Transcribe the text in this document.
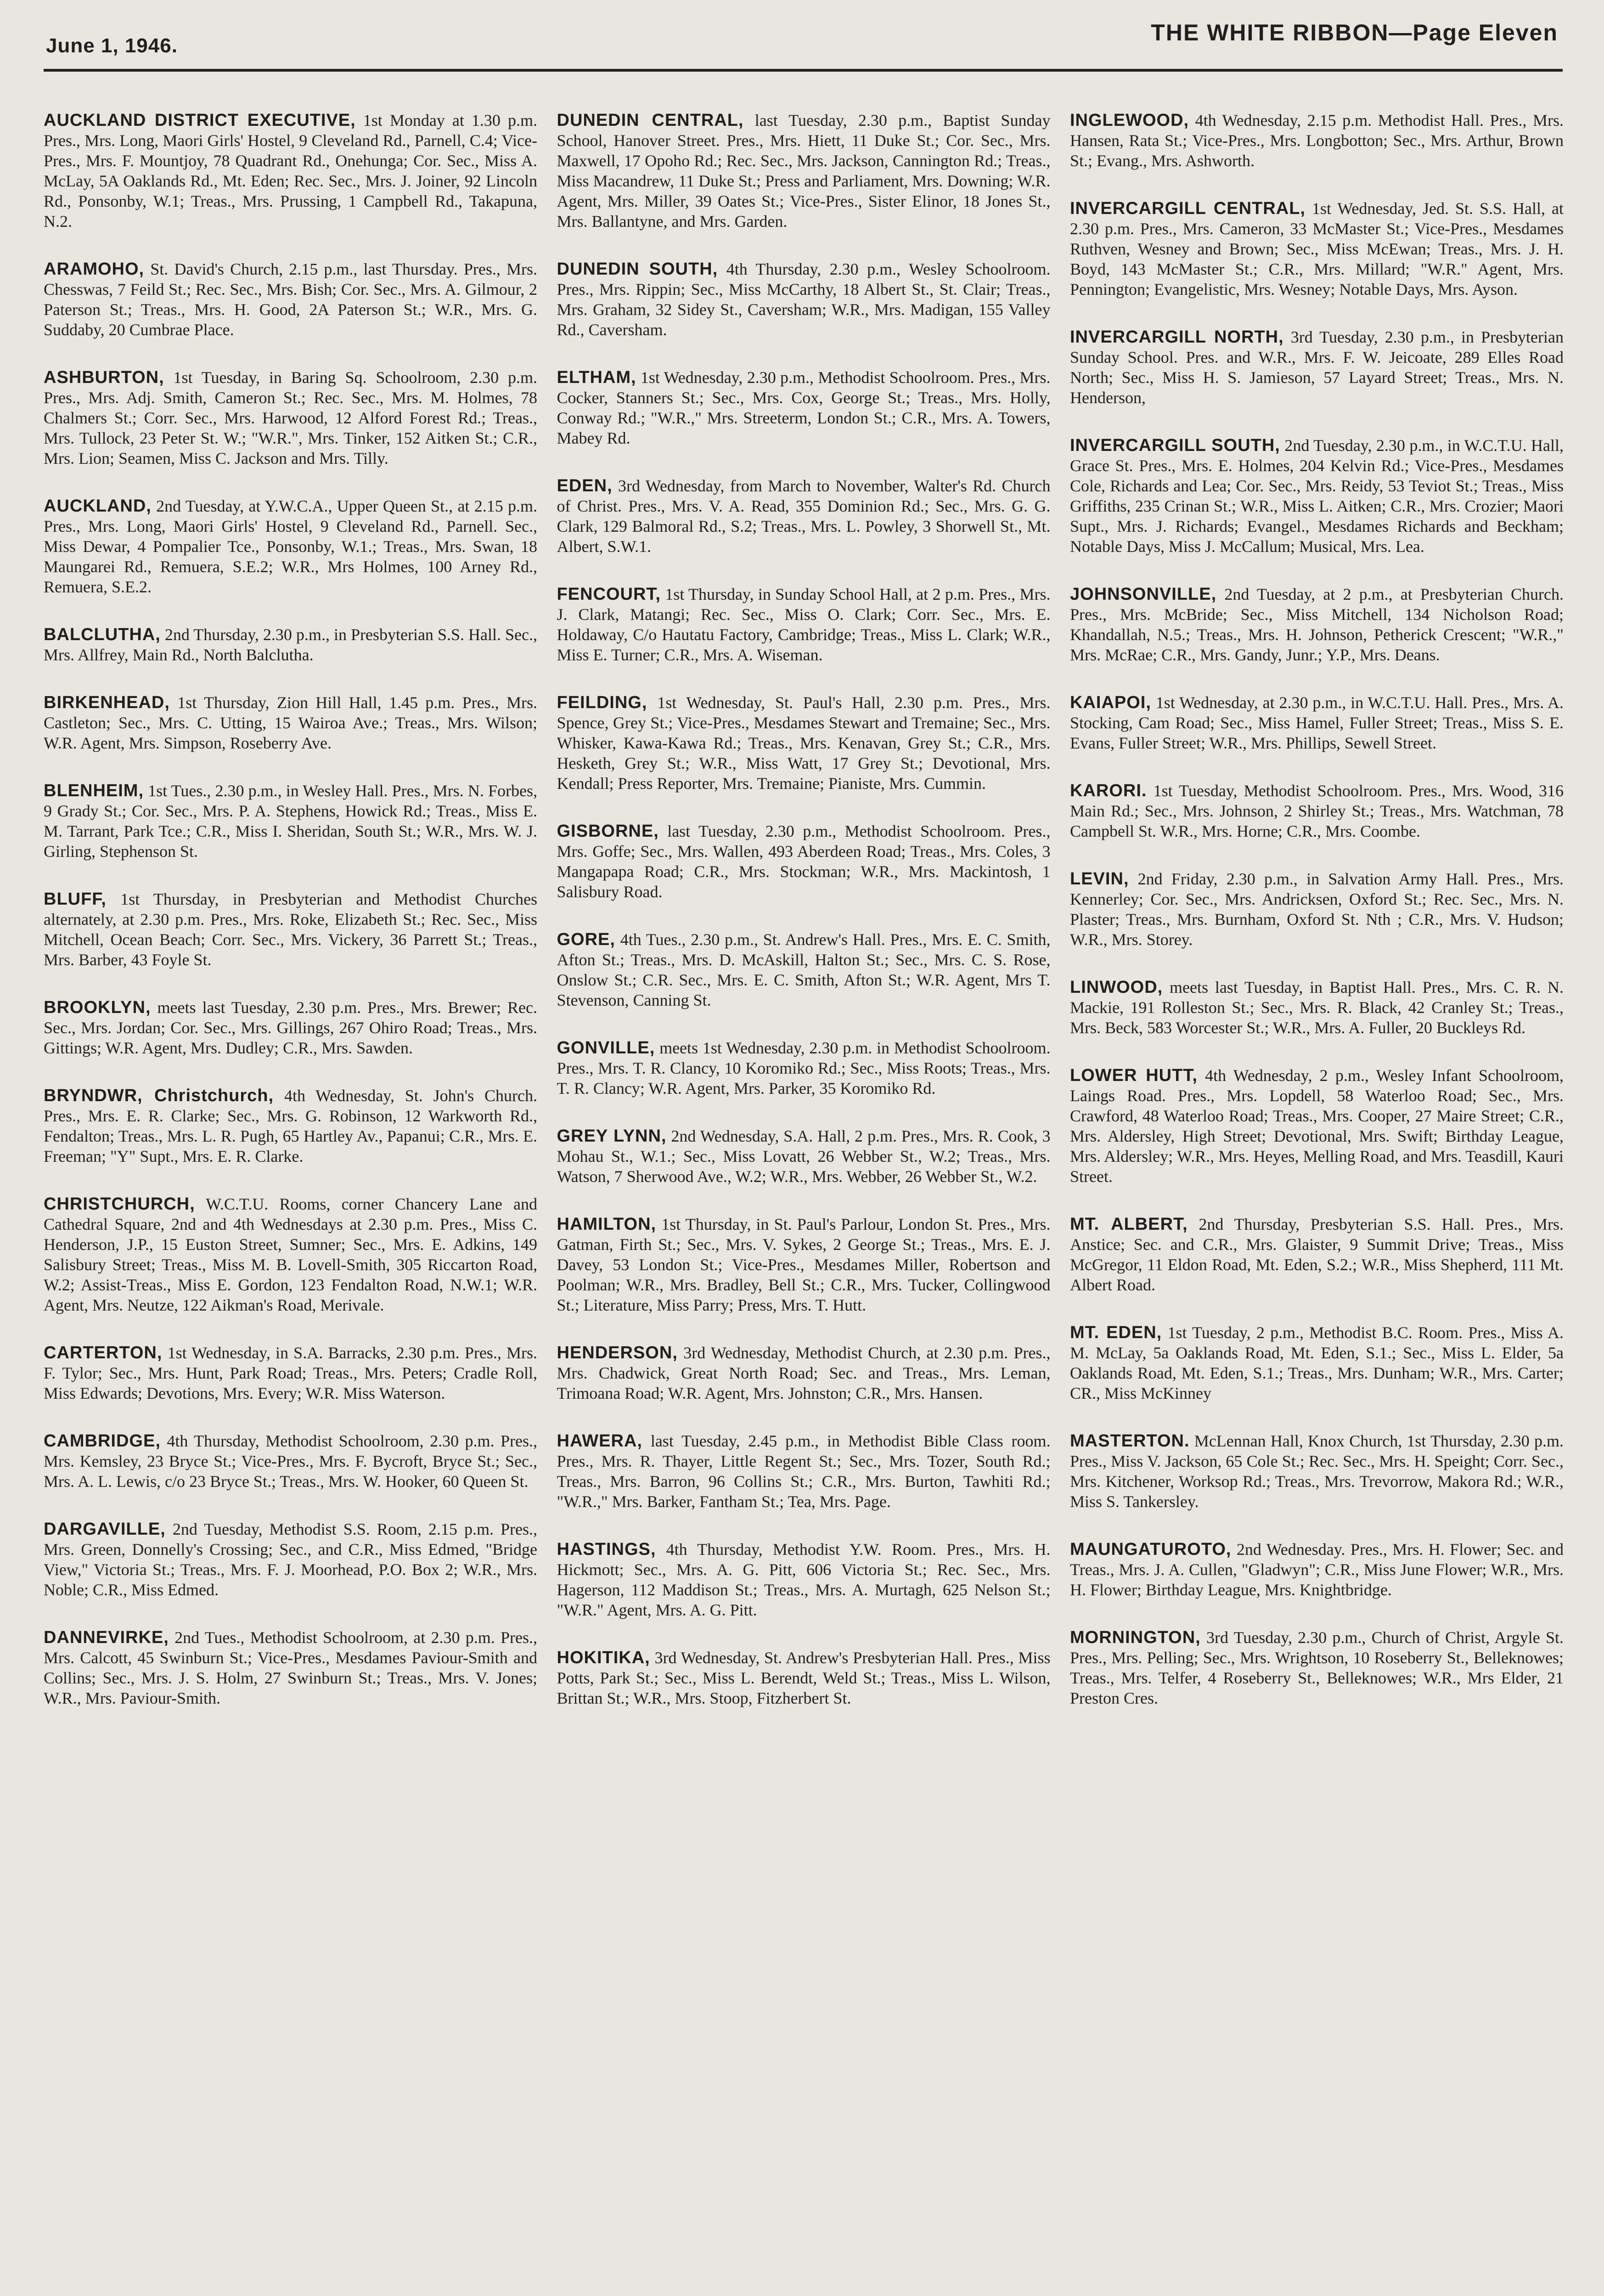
June 1, 1946.
THE WHITE RIBBON—Page Eleven

AUCKLAND DISTRICT EXECUTIVE, 1st Monday at 1.30 p.m. Pres., Mrs. Long, Maori Girls' Hostel, 9 Cleveland Rd., Parnell, C.4; Vice-Pres., Mrs. F. Mountjoy, 78 Quadrant Rd., Onehunga; Cor. Sec., Miss A. McLay, 5A Oaklands Rd., Mt. Eden; Rec. Sec., Mrs. J. Joiner, 92 Lincoln Rd., Ponsonby, W.1; Treas., Mrs. Prussing, 1 Campbell Rd., Takapuna, N.2.

ARAMOHO, St. David's Church, 2.15 p.m., last Thursday. Pres., Mrs. Chesswas, 7 Feild St.; Rec. Sec., Mrs. Bish; Cor. Sec., Mrs. A. Gilmour, 2 Paterson St.; Treas., Mrs. H. Good, 2A Paterson St.; W.R., Mrs. G. Suddaby, 20 Cumbrae Place.

ASHBURTON, 1st Tuesday, in Baring Sq. Schoolroom, 2.30 p.m. Pres., Mrs. Adj. Smith, Cameron St.; Rec. Sec., Mrs. M. Holmes, 78 Chalmers St.; Corr. Sec., Mrs. Harwood, 12 Alford Forest Rd.; Treas., Mrs. Tullock, 23 Peter St. W.; "W.R.", Mrs. Tinker, 152 Aitken St.; C.R., Mrs. Lion; Seamen, Miss C. Jackson and Mrs. Tilly.

AUCKLAND, 2nd Tuesday, at Y.W.C.A., Upper Queen St., at 2.15 p.m. Pres., Mrs. Long, Maori Girls' Hostel, 9 Cleveland Rd., Parnell. Sec., Miss Dewar, 4 Pompalier Tce., Ponsonby, W.1.; Treas., Mrs. Swan, 18 Maungarei Rd., Remuera, S.E.2; W.R., Mrs Holmes, 100 Arney Rd., Remuera, S.E.2.

BALCLUTHA, 2nd Thursday, 2.30 p.m., in Presbyterian S.S. Hall. Sec., Mrs. Allfrey, Main Rd., North Balclutha.

BIRKENHEAD, 1st Thursday, Zion Hill Hall, 1.45 p.m. Pres., Mrs. Castleton; Sec., Mrs. C. Utting, 15 Wairoa Ave.; Treas., Mrs. Wilson; W.R. Agent, Mrs. Simpson, Roseberry Ave.

BLENHEIM, 1st Tues., 2.30 p.m., in Wesley Hall. Pres., Mrs. N. Forbes, 9 Grady St.; Cor. Sec., Mrs. P. A. Stephens, Howick Rd.; Treas., Miss E. M. Tarrant, Park Tce.; C.R., Miss I. Sheridan, South St.; W.R., Mrs. W. J. Girling, Stephenson St.

BLUFF, 1st Thursday, in Presbyterian and Methodist Churches alternately, at 2.30 p.m. Pres., Mrs. Roke, Elizabeth St.; Rec. Sec., Miss Mitchell, Ocean Beach; Corr. Sec., Mrs. Vickery, 36 Parrett St.; Treas., Mrs. Barber, 43 Foyle St.

BROOKLYN, meets last Tuesday, 2.30 p.m. Pres., Mrs. Brewer; Rec. Sec., Mrs. Jordan; Cor. Sec., Mrs. Gillings, 267 Ohiro Road; Treas., Mrs. Gittings; W.R. Agent, Mrs. Dudley; C.R., Mrs. Sawden.

BRYNDWR, Christchurch, 4th Wednesday, St. John's Church. Pres., Mrs. E. R. Clarke; Sec., Mrs. G. Robinson, 12 Warkworth Rd., Fendalton; Treas., Mrs. L. R. Pugh, 65 Hartley Av., Papanui; C.R., Mrs. E. Freeman; "Y" Supt., Mrs. E. R. Clarke.

CHRISTCHURCH, W.C.T.U. Rooms, corner Chancery Lane and Cathedral Square, 2nd and 4th Wednesdays at 2.30 p.m. Pres., Miss C. Henderson, J.P., 15 Euston Street, Sumner; Sec., Mrs. E. Adkins, 149 Salisbury Street; Treas., Miss M. B. Lovell-Smith, 305 Riccarton Road, W.2; Assist-Treas., Miss E. Gordon, 123 Fendalton Road, N.W.1; W.R. Agent, Mrs. Neutze, 122 Aikman's Road, Merivale.

CARTERTON, 1st Wednesday, in S.A. Barracks, 2.30 p.m. Pres., Mrs. F. Tylor; Sec., Mrs. Hunt, Park Road; Treas., Mrs. Peters; Cradle Roll, Miss Edwards; Devotions, Mrs. Every; W.R. Miss Waterson.

CAMBRIDGE, 4th Thursday, Methodist Schoolroom, 2.30 p.m. Pres., Mrs. Kemsley, 23 Bryce St.; Vice-Pres., Mrs. F. Bycroft, Bryce St.; Sec., Mrs. A. L. Lewis, c/o 23 Bryce St.; Treas., Mrs. W. Hooker, 60 Queen St.

DARGAVILLE, 2nd Tuesday, Methodist S.S. Room, 2.15 p.m. Pres., Mrs. Green, Donnelly's Crossing; Sec., and C.R., Miss Edmed, "Bridge View," Victoria St.; Treas., Mrs. F. J. Moorhead, P.O. Box 2; W.R., Mrs. Noble; C.R., Miss Edmed.

DANNEVIRKE, 2nd Tues., Methodist Schoolroom, at 2.30 p.m. Pres., Mrs. Calcott, 45 Swinburn St.; Vice-Pres., Mesdames Paviour-Smith and Collins; Sec., Mrs. J. S. Holm, 27 Swinburn St.; Treas., Mrs. V. Jones; W.R., Mrs. Paviour-Smith.

DUNEDIN CENTRAL, last Tuesday, 2.30 p.m., Baptist Sunday School, Hanover Street. Pres., Mrs. Hiett, 11 Duke St.; Cor. Sec., Mrs. Maxwell, 17 Opoho Rd.; Rec. Sec., Mrs. Jackson, Cannington Rd.; Treas., Miss Macandrew, 11 Duke St.; Press and Parliament, Mrs. Downing; W.R. Agent, Mrs. Miller, 39 Oates St.; Vice-Pres., Sister Elinor, 18 Jones St., Mrs. Ballantyne, and Mrs. Garden.

DUNEDIN SOUTH, 4th Thursday, 2.30 p.m., Wesley Schoolroom. Pres., Mrs. Rippin; Sec., Miss McCarthy, 18 Albert St., St. Clair; Treas., Mrs. Graham, 32 Sidey St., Caversham; W.R., Mrs. Madigan, 155 Valley Rd., Caversham.

ELTHAM, 1st Wednesday, 2.30 p.m., Methodist Schoolroom. Pres., Mrs. Cocker, Stanners St.; Sec., Mrs. Cox, George St.; Treas., Mrs. Holly, Conway Rd.; "W.R.," Mrs. Streeterm, London St.; C.R., Mrs. A. Towers, Mabey Rd.

EDEN, 3rd Wednesday, from March to November, Walter's Rd. Church of Christ. Pres., Mrs. V. A. Read, 355 Dominion Rd.; Sec., Mrs. G. G. Clark, 129 Balmoral Rd., S.2; Treas., Mrs. L. Powley, 3 Shorwell St., Mt. Albert, S.W.1.

FENCOURT, 1st Thursday, in Sunday School Hall, at 2 p.m. Pres., Mrs. J. Clark, Matangi; Rec. Sec., Miss O. Clark; Corr. Sec., Mrs. E. Holdaway, C/o Hautatu Factory, Cambridge; Treas., Miss L. Clark; W.R., Miss E. Turner; C.R., Mrs. A. Wiseman.

FEILDING, 1st Wednesday, St. Paul's Hall, 2.30 p.m. Pres., Mrs. Spence, Grey St.; Vice-Pres., Mesdames Stewart and Tremaine; Sec., Mrs. Whisker, Kawa-Kawa Rd.; Treas., Mrs. Kenavan, Grey St.; C.R., Mrs. Hesketh, Grey St.; W.R., Miss Watt, 17 Grey St.; Devotional, Mrs. Kendall; Press Reporter, Mrs. Tremaine; Pianiste, Mrs. Cummin.

GISBORNE, last Tuesday, 2.30 p.m., Methodist Schoolroom. Pres., Mrs. Goffe; Sec., Mrs. Wallen, 493 Aberdeen Road; Treas., Mrs. Coles, 3 Mangapapa Road; C.R., Mrs. Stockman; W.R., Mrs. Mackintosh, 1 Salisbury Road.

GORE, 4th Tues., 2.30 p.m., St. Andrew's Hall. Pres., Mrs. E. C. Smith, Afton St.; Treas., Mrs. D. McAskill, Halton St.; Sec., Mrs. C. S. Rose, Onslow St.; C.R. Sec., Mrs. E. C. Smith, Afton St.; W.R. Agent, Mrs T. Stevenson, Canning St.

GONVILLE, meets 1st Wednesday, 2.30 p.m. in Methodist Schoolroom. Pres., Mrs. T. R. Clancy, 10 Koromiko Rd.; Sec., Miss Roots; Treas., Mrs. T. R. Clancy; W.R. Agent, Mrs. Parker, 35 Koromiko Rd.

GREY LYNN, 2nd Wednesday, S.A. Hall, 2 p.m. Pres., Mrs. R. Cook, 3 Mohau St., W.1.; Sec., Miss Lovatt, 26 Webber St., W.2; Treas., Mrs. Watson, 7 Sherwood Ave., W.2; W.R., Mrs. Webber, 26 Webber St., W.2.

HAMILTON, 1st Thursday, in St. Paul's Parlour, London St. Pres., Mrs. Gatman, Firth St.; Sec., Mrs. V. Sykes, 2 George St.; Treas., Mrs. E. J. Davey, 53 London St.; Vice-Pres., Mesdames Miller, Robertson and Poolman; W.R., Mrs. Bradley, Bell St.; C.R., Mrs. Tucker, Collingwood St.; Literature, Miss Parry; Press, Mrs. T. Hutt.

HENDERSON, 3rd Wednesday, Methodist Church, at 2.30 p.m. Pres., Mrs. Chadwick, Great North Road; Sec. and Treas., Mrs. Leman, Trimoana Road; W.R. Agent, Mrs. Johnston; C.R., Mrs. Hansen.

HAWERA, last Tuesday, 2.45 p.m., in Methodist Bible Class room. Pres., Mrs. R. Thayer, Little Regent St.; Sec., Mrs. Tozer, South Rd.; Treas., Mrs. Barron, 96 Collins St.; C.R., Mrs. Burton, Tawhiti Rd.; "W.R.," Mrs. Barker, Fantham St.; Tea, Mrs. Page.

HASTINGS, 4th Thursday, Methodist Y.W. Room. Pres., Mrs. H. Hickmott; Sec., Mrs. A. G. Pitt, 606 Victoria St.; Rec. Sec., Mrs. Hagerson, 112 Maddison St.; Treas., Mrs. A. Murtagh, 625 Nelson St.; "W.R." Agent, Mrs. A. G. Pitt.

HOKITIKA, 3rd Wednesday, St. Andrew's Presbyterian Hall. Pres., Miss Potts, Park St.; Sec., Miss L. Berendt, Weld St.; Treas., Miss L. Wilson, Brittan St.; W.R., Mrs. Stoop, Fitzherbert St.

INGLEWOOD, 4th Wednesday, 2.15 p.m. Methodist Hall. Pres., Mrs. Hansen, Rata St.; Vice-Pres., Mrs. Longbotton; Sec., Mrs. Arthur, Brown St.; Evang., Mrs. Ashworth.

INVERCARGILL CENTRAL, 1st Wednesday, Jed. St. S.S. Hall, at 2.30 p.m. Pres., Mrs. Cameron, 33 McMaster St.; Vice-Pres., Mesdames Ruthven, Wesney and Brown; Sec., Miss McEwan; Treas., Mrs. J. H. Boyd, 143 McMaster St.; C.R., Mrs. Millard; "W.R." Agent, Mrs. Pennington; Evangelistic, Mrs. Wesney; Notable Days, Mrs. Ayson.

INVERCARGILL NORTH, 3rd Tuesday, 2.30 p.m., in Presbyterian Sunday School. Pres. and W.R., Mrs. F. W. Jeicoate, 289 Elles Road North; Sec., Miss H. S. Jamieson, 57 Layard Street; Treas., Mrs. N. Henderson,

INVERCARGILL SOUTH, 2nd Tuesday, 2.30 p.m., in W.C.T.U. Hall, Grace St. Pres., Mrs. E. Holmes, 204 Kelvin Rd.; Vice-Pres., Mesdames Cole, Richards and Lea; Cor. Sec., Mrs. Reidy, 53 Teviot St.; Treas., Miss Griffiths, 235 Crinan St.; W.R., Miss L. Aitken; C.R., Mrs. Crozier; Maori Supt., Mrs. J. Richards; Evangel., Mesdames Richards and Beckham; Notable Days, Miss J. McCallum; Musical, Mrs. Lea.

JOHNSONVILLE, 2nd Tuesday, at 2 p.m., at Presbyterian Church. Pres., Mrs. McBride; Sec., Miss Mitchell, 134 Nicholson Road; Khandallah, N.5.; Treas., Mrs. H. Johnson, Petherick Crescent; "W.R.," Mrs. McRae; C.R., Mrs. Gandy, Junr.; Y.P., Mrs. Deans.

KAIAPOI, 1st Wednesday, at 2.30 p.m., in W.C.T.U. Hall. Pres., Mrs. A. Stocking, Cam Road; Sec., Miss Hamel, Fuller Street; Treas., Miss S. E. Evans, Fuller Street; W.R., Mrs. Phillips, Sewell Street.

KARORI. 1st Tuesday, Methodist Schoolroom. Pres., Mrs. Wood, 316 Main Rd.; Sec., Mrs. Johnson, 2 Shirley St.; Treas., Mrs. Watchman, 78 Campbell St. W.R., Mrs. Horne; C.R., Mrs. Coombe.

LEVIN, 2nd Friday, 2.30 p.m., in Salvation Army Hall. Pres., Mrs. Kennerley; Cor. Sec., Mrs. Andricksen, Oxford St.; Rec. Sec., Mrs. N. Plaster; Treas., Mrs. Burnham, Oxford St. Nth ; C.R., Mrs. V. Hudson; W.R., Mrs. Storey.

LINWOOD, meets last Tuesday, in Baptist Hall. Pres., Mrs. C. R. N. Mackie, 191 Rolleston St.; Sec., Mrs. R. Black, 42 Cranley St.; Treas., Mrs. Beck, 583 Worcester St.; W.R., Mrs. A. Fuller, 20 Buckleys Rd.

LOWER HUTT, 4th Wednesday, 2 p.m., Wesley Infant Schoolroom, Laings Road. Pres., Mrs. Lopdell, 58 Waterloo Road; Sec., Mrs. Crawford, 48 Waterloo Road; Treas., Mrs. Cooper, 27 Maire Street; C.R., Mrs. Aldersley, High Street; Devotional, Mrs. Swift; Birthday League, Mrs. Aldersley; W.R., Mrs. Heyes, Melling Road, and Mrs. Teasdill, Kauri Street.

MT. ALBERT, 2nd Thursday, Presbyterian S.S. Hall. Pres., Mrs. Anstice; Sec. and C.R., Mrs. Glaister, 9 Summit Drive; Treas., Miss McGregor, 11 Eldon Road, Mt. Eden, S.2.; W.R., Miss Shepherd, 111 Mt. Albert Road.

MT. EDEN, 1st Tuesday, 2 p.m., Methodist B.C. Room. Pres., Miss A. M. McLay, 5a Oaklands Road, Mt. Eden, S.1.; Sec., Miss L. Elder, 5a Oaklands Road, Mt. Eden, S.1.; Treas., Mrs. Dunham; W.R., Mrs. Carter; CR., Miss McKinney

MASTERTON. McLennan Hall, Knox Church, 1st Thursday, 2.30 p.m. Pres., Miss V. Jackson, 65 Cole St.; Rec. Sec., Mrs. H. Speight; Corr. Sec., Mrs. Kitchener, Worksop Rd.; Treas., Mrs. Trevorrow, Makora Rd.; W.R., Miss S. Tankersley.

MAUNGATUROTO, 2nd Wednesday. Pres., Mrs. H. Flower; Sec. and Treas., Mrs. J. A. Cullen, "Gladwyn"; C.R., Miss June Flower; W.R., Mrs. H. Flower; Birthday League, Mrs. Knightbridge.

MORNINGTON, 3rd Tuesday, 2.30 p.m., Church of Christ, Argyle St. Pres., Mrs. Pelling; Sec., Mrs. Wrightson, 10 Roseberry St., Belleknowes; Treas., Mrs. Telfer, 4 Roseberry St., Belleknowes; W.R., Mrs Elder, 21 Preston Cres.
